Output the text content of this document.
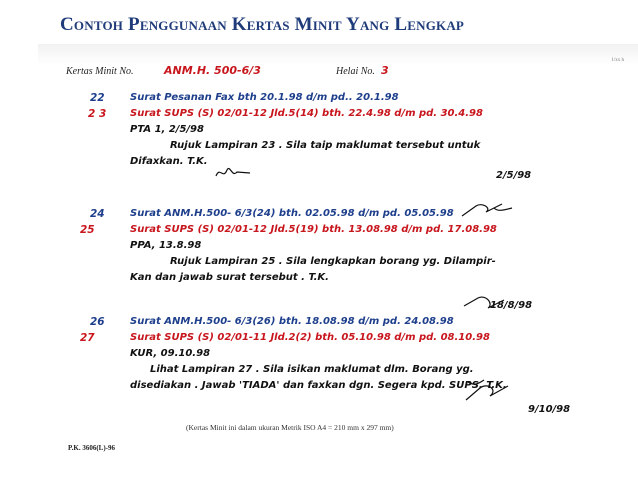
Contoh Penggunaan Kertas Minit Yang Lengkap
1/xx h
Kertas Minit No.	ANM.H. 500-6/3	Helai No. 3
22	Surat Pesanan Fax bth 20.1.98 d/m pd.. 20.1.98
2 3 Surat SUPS (S) 02/01-12 Jld.5(14) bth. 22.4.98 d/m pd. 30.4.98
PTA 1, 2/5/98
Rujuk Lampiran 23 . Sila taip maklumat tersebut untuk
Difaxkan. T.K.
2/5/98
24	Surat ANM.H.500- 6/3(24) bth. 02.05.98 d/m pd. 05.05.98
25	Surat SUPS (S) 02/01-12 Jld.5(19) bth. 13.08.98 d/m pd. 17.08.98
PPA, 13.8.98
Rujuk Lampiran 25 . Sila lengkapkan borang yg. Dilampir-
Kan dan jawab surat tersebut . T.K.
18/8/98
26	Surat ANM.H.500- 6/3(26) bth. 18.08.98 d/m pd. 24.08.98
27	Surat SUPS (S) 02/01-11 Jld.2(2) bth. 05.10.98 d/m pd. 08.10.98
KUR, 09.10.98
Lihat Lampiran 27 . Sila isikan maklumat dlm. Borang yg.
disediakan . Jawab 'TIADA' dan faxkan dgn. Segera kpd. SUPS. T.K.
9/10/98
(Kertas Minit ini dalam ukuran Metrik ISO A4 = 210 mm x 297 mm)
P.K. 3606(L)-96
